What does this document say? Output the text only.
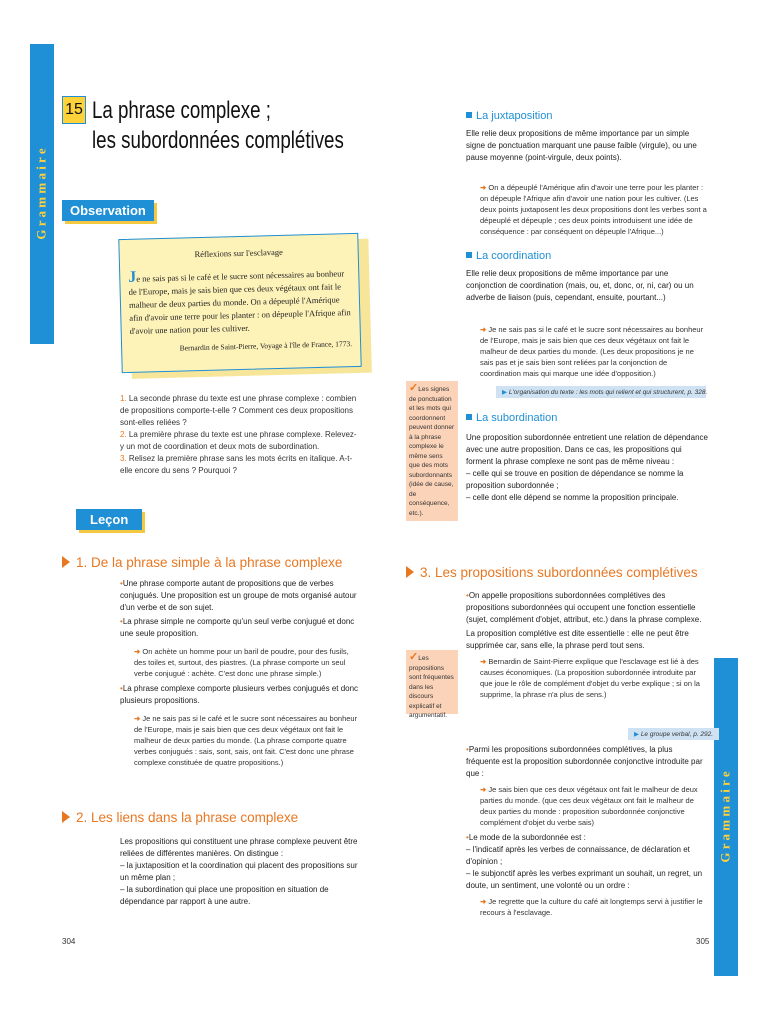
G r a m m a i r e
G r a m m a i r e
15 La phrase complexe ;
les subordonnées complétives
Observation
Réflexions sur l'esclavage
Je ne sais pas si le café et le sucre sont nécessaires au bonheur de l'Europe, mais je sais bien que ces deux végétaux ont fait le malheur de deux parties du monde. On a dépeuplé l'Amérique afin d'avoir une terre pour les planter : on dépeuple l'Afrique afin d'avoir une nation pour les cultiver.
Bernardin de Saint-Pierre, Voyage à l'île de France, 1773.
1. La seconde phrase du texte est une phrase complexe : combien de propositions comporte-t-elle ? Comment ces deux propositions sont-elles reliées ?
2. La première phrase du texte est une phrase complexe. Relevez-y un mot de coordination et deux mots de subordination.
3. Relisez la première phrase sans les mots écrits en italique. A-t-elle encore du sens ? Pourquoi ?
Leçon
1. De la phrase simple à la phrase complexe
•Une phrase comporte autant de propositions que de verbes conjugués. Une proposition est un groupe de mots organisé autour d'un verbe et de son sujet.
•La phrase simple ne comporte qu'un seul verbe conjugué et donc une seule proposition.
➜ On achète un homme pour un baril de poudre, pour des fusils, des toiles et, surtout, des piastres. (La phrase comporte un seul verbe conjugué : achète. C'est donc une phrase simple.)
•La phrase complexe comporte plusieurs verbes conjugués et donc plusieurs propositions.
➜ Je ne sais pas si le café et le sucre sont nécessaires au bonheur de l'Europe, mais je sais bien que ces deux végétaux ont fait le malheur de deux parties du monde. (La phrase comporte quatre verbes conjugués : sais, sont, sais, ont fait. C'est donc une phrase complexe constituée de quatre propositions.)
2. Les liens dans la phrase complexe
Les propositions qui constituent une phrase complexe peuvent être reliées de différentes manières. On distingue :
– la juxtaposition et la coordination qui placent des propositions sur un même plan ;
– la subordination qui place une proposition en situation de dépendance par rapport à une autre.
304
La juxtaposition
Elle relie deux propositions de même importance par un simple signe de ponctuation marquant une pause faible (virgule), ou une pause moyenne (point-virgule, deux points).
➜ On a dépeuplé l'Amérique afin d'avoir une terre pour les planter : on dépeuple l'Afrique afin d'avoir une nation pour les cultiver. (Les deux points juxtaposent les deux propositions dont les verbes sont a dépeuplé et dépeuple ; ces deux points introduisent une idée de conséquence : par conséquent on dépeuple l'Afrique...)
La coordination
Elle relie deux propositions de même importance par une conjonction de coordination (mais, ou, et, donc, or, ni, car) ou un adverbe de liaison (puis, cependant, ensuite, pourtant...)
➜ Je ne sais pas si le café et le sucre sont nécessaires au bonheur de l'Europe, mais je sais bien que ces deux végétaux ont fait le malheur de deux parties du monde. (Les deux propositions je ne sais pas et je sais bien sont reliées par la conjonction de coordination mais qui marque une idée d'opposition.)
▶ L'organisation du texte : les mots qui relient et qui structurent, p. 328.
✓Les signes de ponctuation et les mots qui coordonnent peuvent donner à la phrase complexe le même sens que des mots subordonnants (idée de cause, de conséquence, etc.).
La subordination
Une proposition subordonnée entretient une relation de dépendance avec une autre proposition. Dans ce cas, les propositions qui forment la phrase complexe ne sont pas de même niveau :
– celle qui se trouve en position de dépendance se nomme la proposition subordonnée ;
– celle dont elle dépend se nomme la proposition principale.
3. Les propositions subordonnées complétives
•On appelle propositions subordonnées complétives des propositions subordonnées qui occupent une fonction essentielle (sujet, complément d'objet, attribut, etc.) dans la phrase complexe.
La proposition complétive est dite essentielle : elle ne peut être supprimée car, sans elle, la phrase perd tout sens.
➜ Bernardin de Saint-Pierre explique que l'esclavage est lié à des causes économiques. (La proposition subordonnée introduite par que joue le rôle de complément d'objet du verbe explique ; si on la supprime, la phrase n'a plus de sens.)
▶ Le groupe verbal, p. 292.
✓Les propositions sont fréquentes dans les discours explicatif et argumentatif.
•Parmi les propositions subordonnées complétives, la plus fréquente est la proposition subordonnée conjonctive introduite par que :
➜ Je sais bien que ces deux végétaux ont fait le malheur de deux parties du monde. (que ces deux végétaux ont fait le malheur de deux parties du monde : proposition subordonnée conjonctive complément d'objet du verbe sais)
•Le mode de la subordonnée est :
– l'indicatif après les verbes de connaissance, de déclaration et d'opinion ;
– le subjonctif après les verbes exprimant un souhait, un regret, un doute, un sentiment, une volonté ou un ordre :
➜ Je regrette que la culture du café ait longtemps servi à justifier le recours à l'esclavage.
305
